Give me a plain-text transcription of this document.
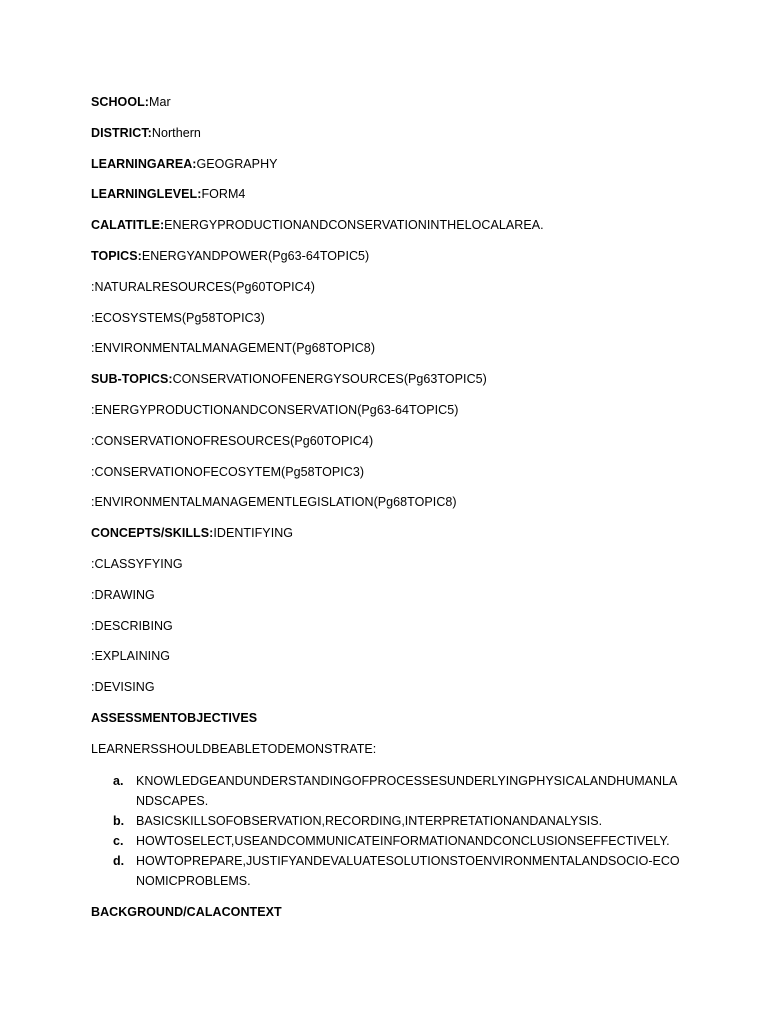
SCHOOL:Mar
DISTRICT:Northern
LEARNINGAREA:GEOGRAPHY
LEARNINGLEVEL:FORM4
CALATITLE:ENERGYPRODUCTIONANDCONSERVATIONINTHELOCALAREA.
TOPICS:ENERGYANDPOWER(Pg63-64TOPIC5)
:NATURALRESOURCES(Pg60TOPIC4)
:ECOSYSTEMS(Pg58TOPIC3)
:ENVIRONMENTALMANAGEMENT(Pg68TOPIC8)
SUB-TOPICS:CONSERVATIONOFENERGYSOURCES(Pg63TOPIC5)
:ENERGYPRODUCTIONANDCONSERVATION(Pg63-64TOPIC5)
:CONSERVATIONOFRESOURCES(Pg60TOPIC4)
:CONSERVATIONOFECOSYTEM(Pg58TOPIC3)
:ENVIRONMENTALMANAGEMENTLEGISLATION(Pg68TOPIC8)
CONCEPTS/SKILLS:IDENTIFYING
:CLASSYFYING
:DRAWING
:DESCRIBING
:EXPLAINING
:DEVISING
ASSESSMENTOBJECTIVES
LEARNERSSHOULDBEABLETODEMONSTRATE:
a. KNOWLEDGEANDUNDERSTANDINGOFPROCESSESUNDERLYINGPHYSICALANDHUMANLANDSCAPES.
b. BASICSKILLSOFOBSERVATION,RECORDING,INTERPRETATIONANDANALYSIS.
c. HOWTOSELECT,USEANDCOMMUNICATEINFORMATIONANDCONCLUSIONSEFFECTIVELY.
d. HOWTOPREPARE,JUSTIFYANDEVALUATESOLUTIONSTOENVIRONMENTALANDSOCIO-ECONOMICPROBLEMS.
BACKGROUND/CALACONTEXT
